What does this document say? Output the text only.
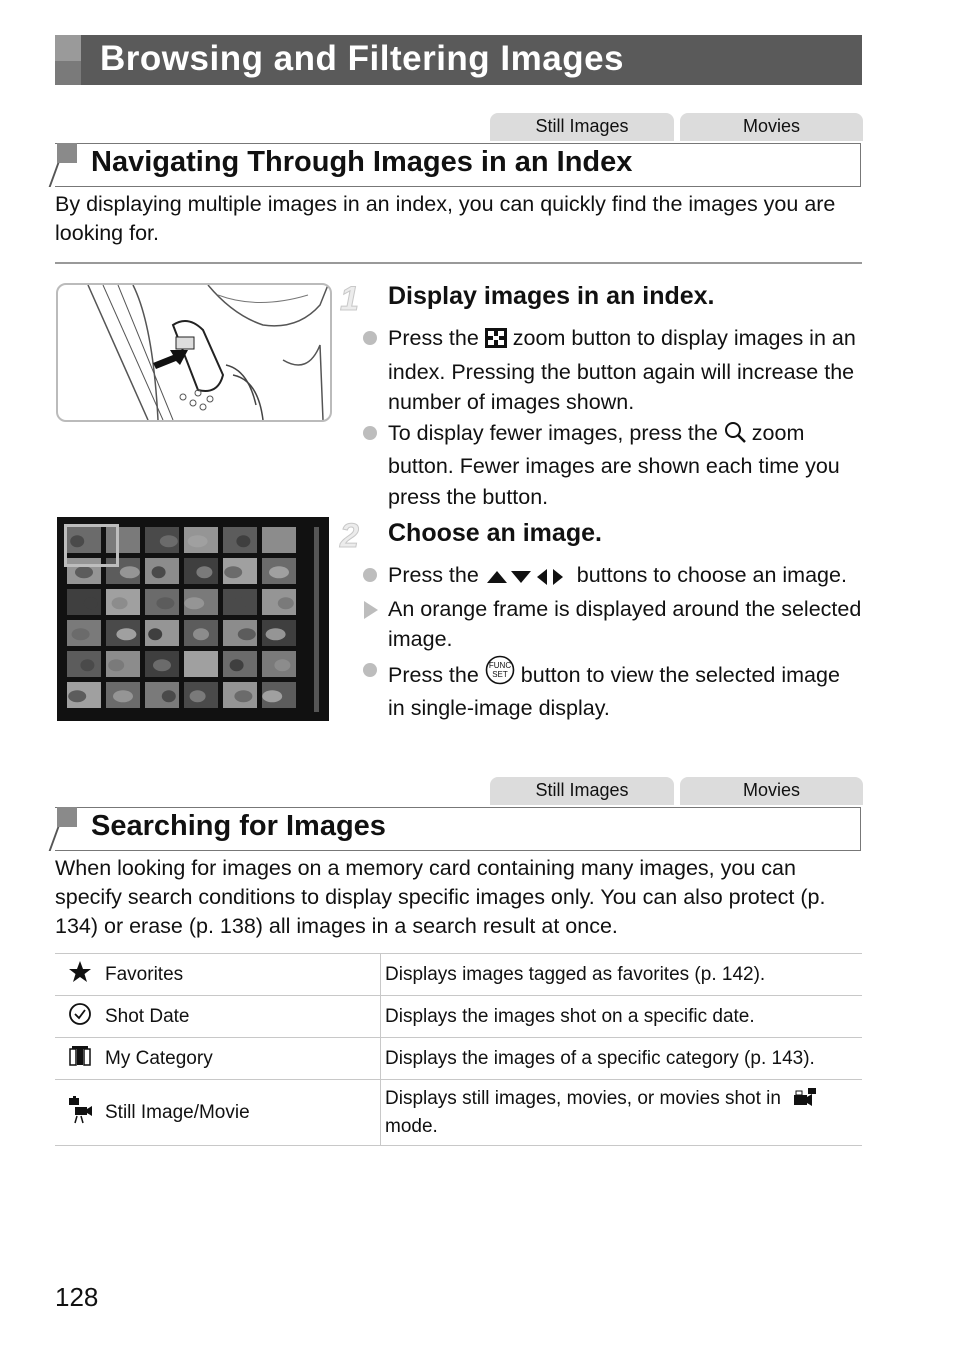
Browsing and Filtering Images
Still Images	Movies
Navigating Through Images in an Index
By displaying multiple images in an index, you can quickly find the images you are looking for.
1 Display images in an index.
Press the zoom button to display images in an index. Pressing the button again will increase the number of images shown.
To display fewer images, press the zoom button. Fewer images are shown each time you press the button.
2 Choose an image.
Press the	buttons to choose an image.
An orange frame is displayed around the selected image.
Press the FUNC
SET button to view the selected image in single-image display.
Still Images	Movies
Searching for Images
When looking for images on a memory card containing many images, you can specify search conditions to display specific images only. You can also protect (p. 134) or erase (p. 138) all images in a search result at once.
	Favorites	Displays images tagged as favorites (p. 142).
	Shot Date	Displays the images shot on a specific date.
	My Category	Displays the images of a specific category (p. 143).
	Still Image/Movie	Displays still images, movies, or movies shot in
mode.
128
